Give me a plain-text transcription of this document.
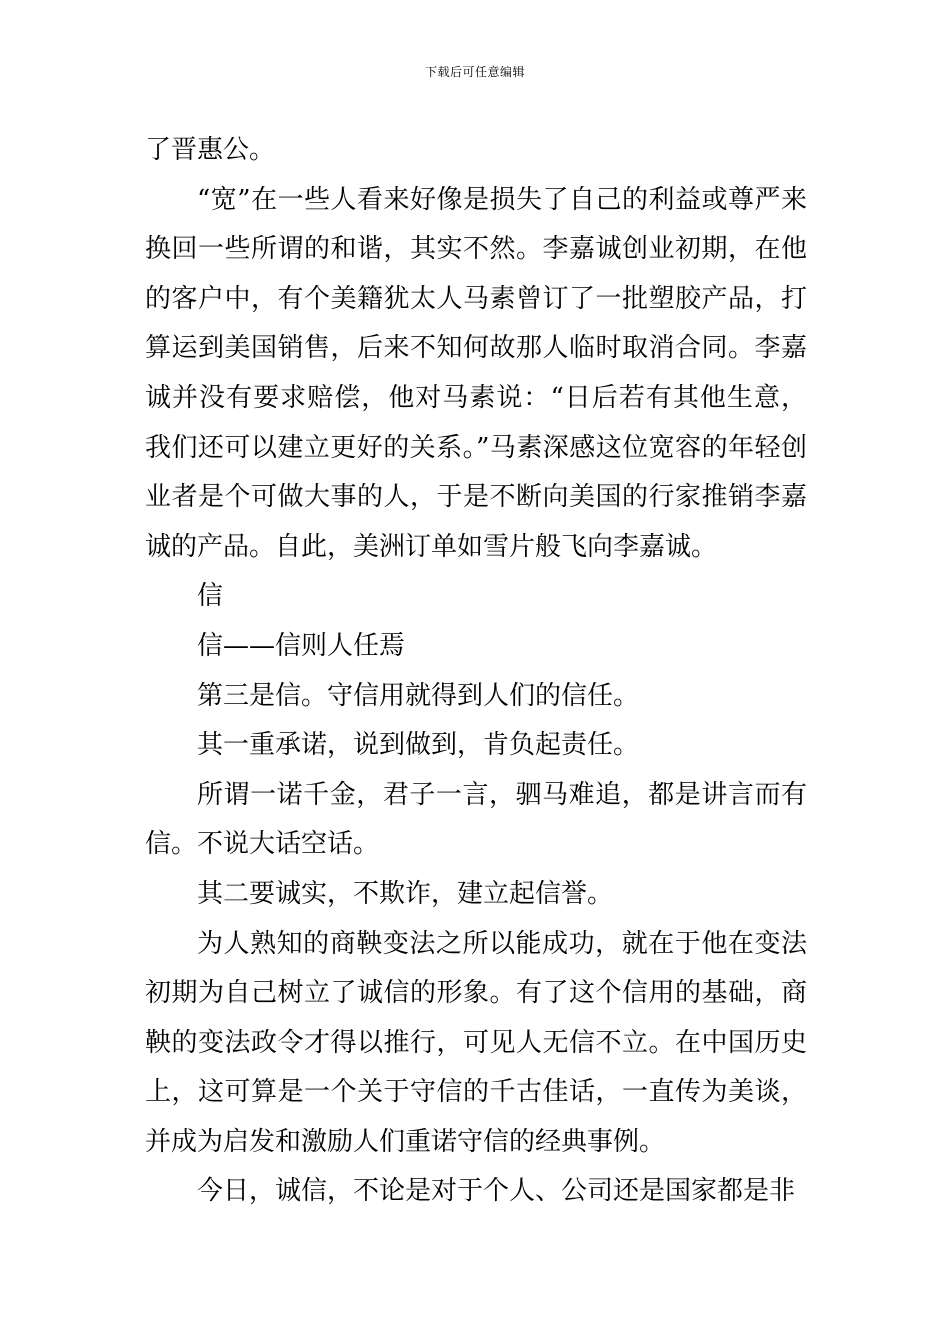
下载后可任意编辑

了晋惠公。

“宽”在一些人看来好像是损失了自己的利益或尊严来换回一些所谓的和谐，其实不然。李嘉诚创业初期，在他的客户中，有个美籍犹太人马素曾订了一批塑胶产品，打算运到美国销售，后来不知何故那人临时取消合同。李嘉诚并没有要求赔偿，他对马素说：“日后若有其他生意，我们还可以建立更好的关系。”马素深感这位宽容的年轻创业者是个可做大事的人，于是不断向美国的行家推销李嘉诚的产品。自此，美洲订单如雪片般飞向李嘉诚。

信

信——信则人任焉

第三是信。守信用就得到人们的信任。

其一重承诺，说到做到，肯负起责任。

所谓一诺千金，君子一言，驷马难追，都是讲言而有信。不说大话空话。

其二要诚实，不欺诈，建立起信誉。

为人熟知的商鞅变法之所以能成功，就在于他在变法初期为自己树立了诚信的形象。有了这个信用的基础，商鞅的变法政令才得以推行，可见人无信不立。在中国历史上，这可算是一个关于守信的千古佳话，一直传为美谈，并成为启发和激励人们重诺守信的经典事例。

今日，诚信，不论是对于个人、公司还是国家都是非
